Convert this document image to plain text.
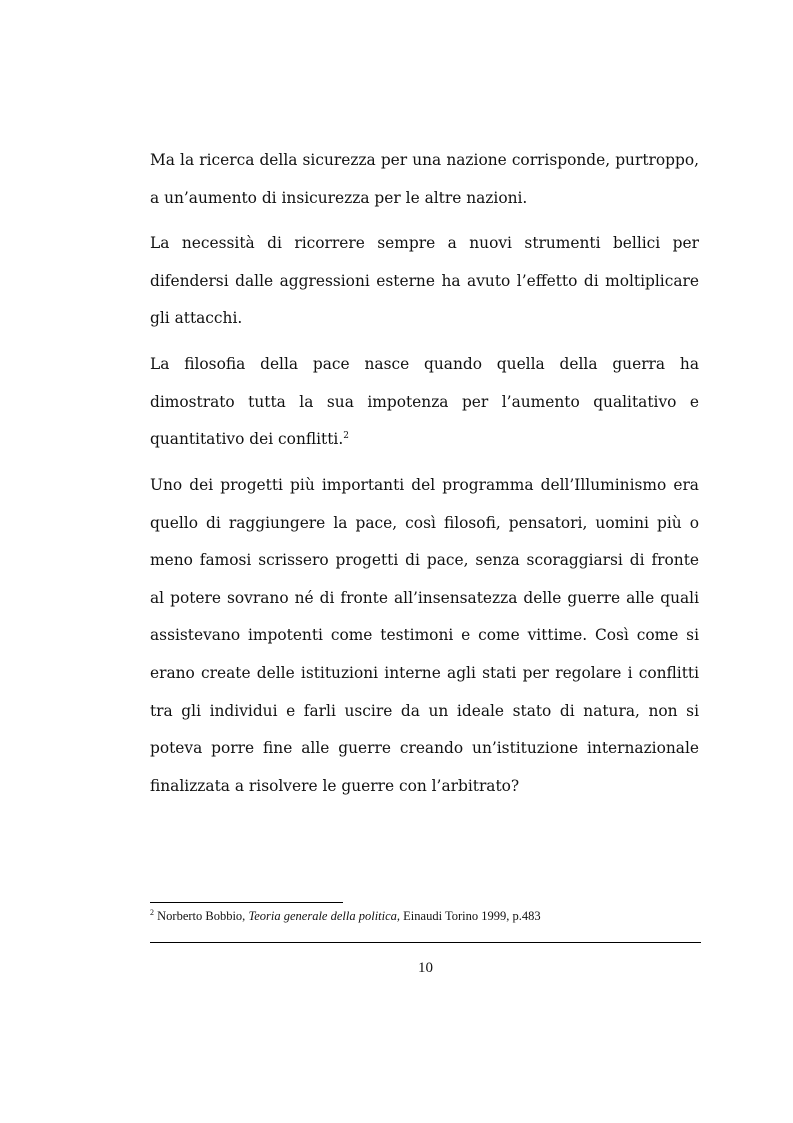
Ma la ricerca della sicurezza per una nazione corrisponde, purtroppo, a un’aumento di insicurezza per le altre nazioni.

La necessità di ricorrere sempre a nuovi strumenti bellici per difendersi dalle aggressioni esterne ha avuto l’effetto di moltiplicare gli attacchi.

La filosofia della pace nasce quando quella della guerra ha dimostrato tutta la sua impotenza per l’aumento qualitativo e quantitativo dei conflitti.$^2$

Uno dei progetti più importanti del programma dell’Illuminismo era quello di raggiungere la pace, così filosofi, pensatori, uomini più o meno famosi scrissero progetti di pace, senza scoraggiarsi di fronte al potere sovrano né di fronte all’insensatezza delle guerre alle quali assistevano impotenti come testimoni e come vittime. Così come si erano create delle istituzioni interne agli stati per regolare i conflitti tra gli individui e farli uscire da un ideale stato di natura, non si poteva porre fine alle guerre creando un’istituzione internazionale finalizzata a risolvere le guerre con l’arbitrato?

$^2$ Norberto Bobbio, Teoria generale della politica, Einaudi Torino 1999, p.483
10
